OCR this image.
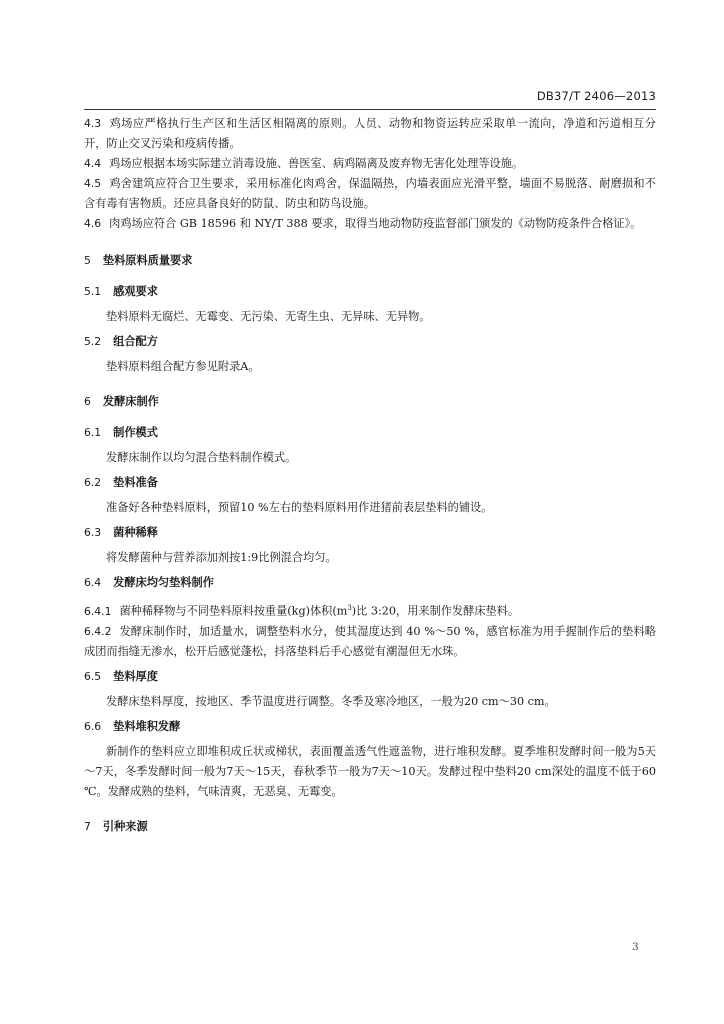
DB37/T 2406—2013

4.3 鸡场应严格执行生产区和生活区相隔离的原则。人员、动物和物资运转应采取单一流向，净道和污道相互分开，防止交叉污染和疫病传播。

4.4 鸡场应根据本场实际建立消毒设施、兽医室、病鸡隔离及废弃物无害化处理等设施。

4.5 鸡舍建筑应符合卫生要求，采用标准化肉鸡舍，保温隔热，内墙表面应光滑平整，墙面不易脱落、耐磨损和不含有毒有害物质。还应具备良好的防鼠、防虫和防鸟设施。

4.6 肉鸡场应符合 GB 18596 和 NY/T 388 要求，取得当地动物防疫监督部门颁发的《动物防疫条件合格证》。

5 垫料原料质量要求

5.1 感观要求

垫料原料无腐烂、无霉变、无污染、无寄生虫、无异味、无异物。

5.2 组合配方

垫料原料组合配方参见附录A。

6 发酵床制作

6.1 制作模式

发酵床制作以均匀混合垫料制作模式。

6.2 垫料准备

准备好各种垫料原料，预留10 %左右的垫料原料用作进猪前表层垫料的铺设。

6.3 菌种稀释

将发酵菌种与营养添加剂按1:9比例混合均匀。

6.4 发酵床均匀垫料制作

6.4.1 菌种稀释物与不同垫料原料按重量(kg)体积$(m^3)$比 3:20，用来制作发酵床垫料。

6.4.2 发酵床制作时，加适量水，调整垫料水分，使其湿度达到 40 %～50 %，感官标准为用手握制作后的垫料略成团而指缝无渗水，松开后感觉蓬松，抖落垫料后手心感觉有潮湿但无水珠。

6.5 垫料厚度

发酵床垫料厚度，按地区、季节温度进行调整。冬季及寒冷地区，一般为20 cm～30 cm。

6.6 垫料堆积发酵

新制作的垫料应立即堆积成丘状或梯状，表面覆盖透气性遮盖物，进行堆积发酵。夏季堆积发酵时间一般为5天～7天，冬季发酵时间一般为7天～15天，春秋季节一般为7天～10天。发酵过程中垫料20 cm深处的温度不低于60 ℃。发酵成熟的垫料，气味清爽，无恶臭、无霉变。

7 引种来源

3
